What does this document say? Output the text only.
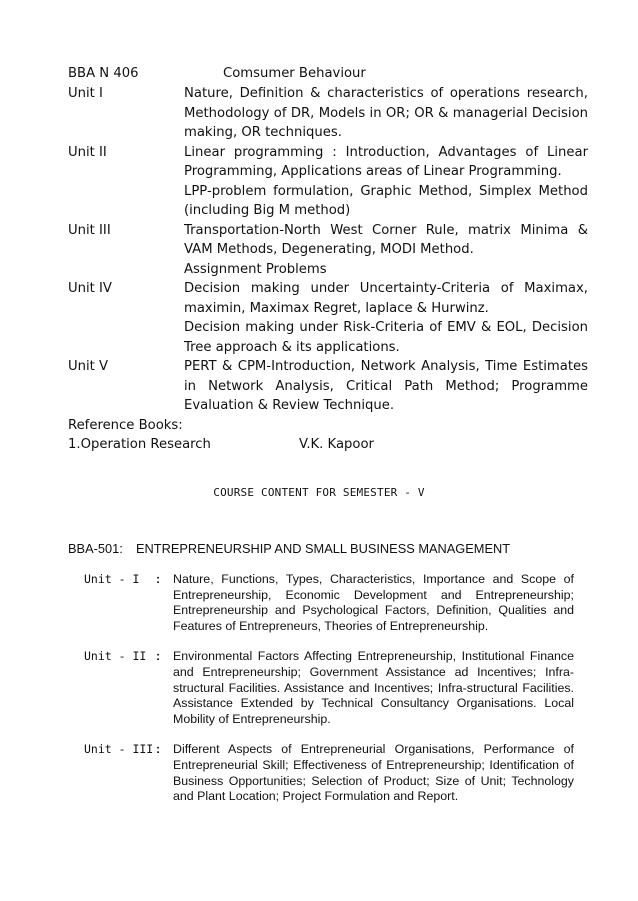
BBA N 406	Comsumer Behaviour
Unit I	Nature, Definition & characteristics of operations research, Methodology of DR, Models in OR; OR & managerial Decision making, OR techniques.

Unit II	Linear programming : Introduction, Advantages of Linear Programming, Applications areas of Linear Programming.

LPP-problem formulation, Graphic Method, Simplex Method (including Big M method)

Unit III	Transportation-North West Corner Rule, matrix Minima & VAM Methods, Degenerating, MODI Method.

Assignment Problems

Unit IV	Decision making under Uncertainty-Criteria of Maximax, maximin, Maximax Regret, laplace & Hurwinz.

Decision making under Risk-Criteria of EMV & EOL, Decision Tree approach & its applications.

Unit V	PERT & CPM-Introduction, Network Analysis, Time Estimates in Network Analysis, Critical Path Method; Programme Evaluation & Review Technique.

Reference Books:
1.Operation Research	V.K. Kapoor
COURSE CONTENT FOR SEMESTER - V
BBA-501: ENTREPRENEURSHIP AND SMALL BUSINESS MANAGEMENT
Unit - I	:	Nature, Functions, Types, Characteristics, Importance and Scope of Entrepreneurship, Economic Development and Entrepreneurship; Entrepreneurship and Psychological Factors, Definition, Qualities and Features of Entrepreneurs, Theories of Entrepreneurship.

Unit - II :	Environmental Factors Affecting Entrepreneurship, Institutional Finance and Entrepreneurship; Government Assistance ad Incentives; Infra-structural Facilities. Assistance and Incentives; Infra-structural Facilities. Assistance Extended by Technical Consultancy Organisations. Local Mobility of Entrepreneurship.

Unit - III :	Different Aspects of Entrepreneurial Organisations, Performance of Entrepreneurial Skill; Effectiveness of Entrepreneurship; Identification of Business Opportunities; Selection of Product; Size of Unit; Technology and Plant Location; Project Formulation and Report.
